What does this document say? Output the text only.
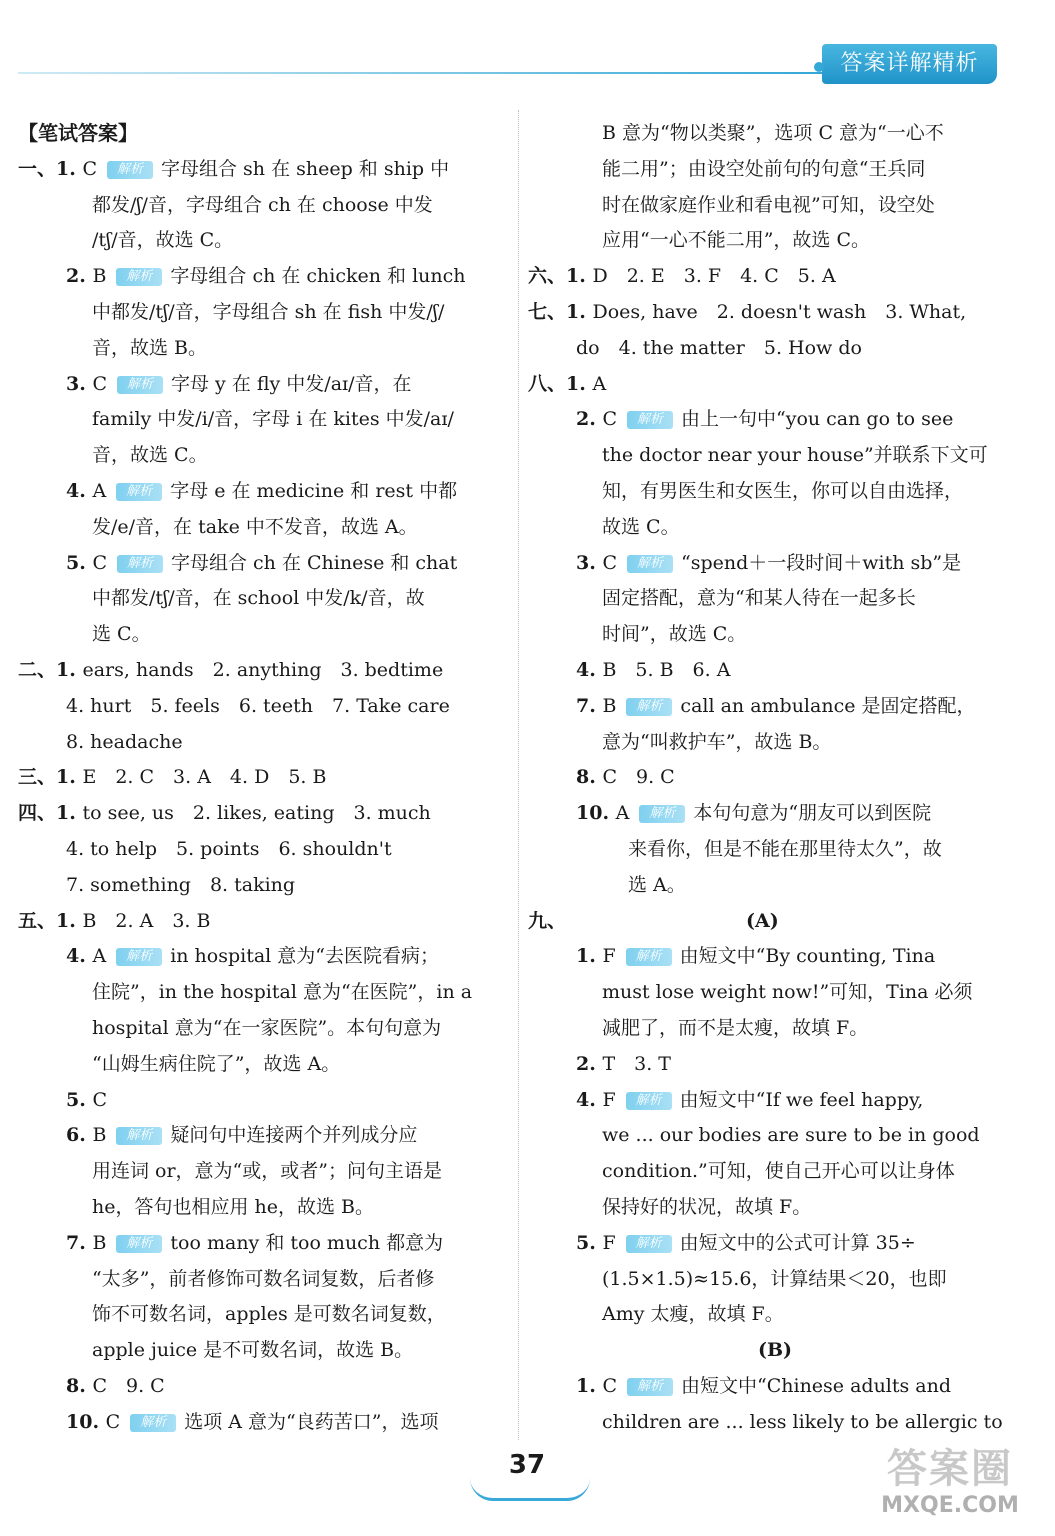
答案详解精析
【笔试答案】
一、1. C 解析 字母组合 sh 在 sheep 和 ship 中
都发/ʃ/音，字母组合 ch 在 choose 中发
/tʃ/音，故选 C。
2. B 解析 字母组合 ch 在 chicken 和 lunch
中都发/tʃ/音，字母组合 sh 在 fish 中发/ʃ/
音，故选 B。
3. C 解析 字母 y 在 fly 中发/aɪ/音，在
family 中发/i/音，字母 i 在 kites 中发/aɪ/
音，故选 C。
4. A 解析 字母 e 在 medicine 和 rest 中都
发/e/音，在 take 中不发音，故选 A。
5. C 解析 字母组合 ch 在 Chinese 和 chat
中都发/tʃ/音，在 school 中发/k/音，故
选 C。
二、1. ears, hands　2. anything　3. bedtime
4. hurt　5. feels　6. teeth　7. Take care
8. headache
三、1. E　2. C　3. A　4. D　5. B
四、1. to see, us　2. likes, eating　3. much
4. to help　5. points　6. shouldn't
7. something　8. taking
五、1. B　2. A　3. B
4. A 解析 in hospital 意为“去医院看病；
住院”，in the hospital 意为“在医院”，in a
hospital 意为“在一家医院”。本句句意为
“山姆生病住院了”，故选 A。
5. C
6. B 解析 疑问句中连接两个并列成分应
用连词 or，意为“或，或者”；问句主语是
he，答句也相应用 he，故选 B。
7. B 解析 too many 和 too much 都意为
“太多”，前者修饰可数名词复数，后者修
饰不可数名词，apples 是可数名词复数，
apple juice 是不可数名词，故选 B。
8. C　9. C
10. C 解析 选项 A 意为“良药苦口”，选项
B 意为“物以类聚”，选项 C 意为“一心不
能二用”；由设空处前句的句意“王兵同
时在做家庭作业和看电视”可知，设空处
应用“一心不能二用”，故选 C。
六、1. D　2. E　3. F　4. C　5. A
七、1. Does, have　2. doesn't wash　3. What,
do　4. the matter　5. How do
八、1. A
2. C 解析 由上一句中“you can go to see
the doctor near your house”并联系下文可
知，有男医生和女医生，你可以自由选择，
故选 C。
3. C 解析 “spend＋一段时间＋with sb”是
固定搭配，意为“和某人待在一起多长
时间”，故选 C。
4. B　5. B　6. A
7. B 解析 call an ambulance 是固定搭配，
意为“叫救护车”，故选 B。
8. C　9. C
10. A 解析 本句句意为“朋友可以到医院
来看你，但是不能在那里待太久”，故
选 A。
九、	(A)
1. F 解析 由短文中“By counting, Tina
must lose weight now!”可知，Tina 必须
减肥了，而不是太瘦，故填 F。
2. T　3. T
4. F 解析 由短文中“If we feel happy,
we ... our bodies are sure to be in good
condition.”可知，使自己开心可以让身体
保持好的状况，故填 F。
5. F 解析 由短文中的公式可计算 35÷
(1.5×1.5)≈15.6，计算结果＜20，也即
Amy 太瘦，故填 F。
(B)
1. C 解析 由短文中“Chinese adults and
children are ... less likely to be allergic to
37	答案圈
MXQE.COM
